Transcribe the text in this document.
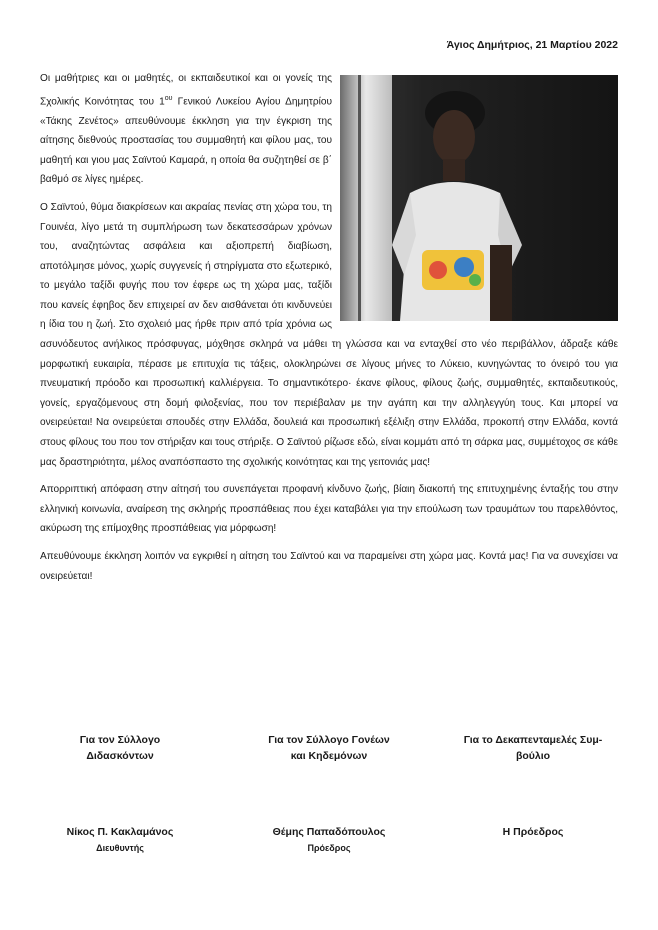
Άγιος Δημήτριος, 21 Μαρτίου 2022

Οι μαθήτριες και οι μαθητές, οι εκπαιδευτικοί και οι γονείς της Σχολικής Κοινότητας του $1^{o\upsilon}$ Γενικού Λυκείου Αγίου Δημητρίου «Τάκης Ζενέτος» απευθύνουμε έκκληση για την έγκριση της αίτησης διεθνούς προστασίας του συμμαθητή και φίλου μας, του μαθητή και γιου μας Σαϊντού Καμαρά, η οποία θα συζητηθεί σε β΄ βαθμό σε λίγες ημέρες.

Ο Σαϊντού, θύμα διακρίσεων και ακραίας πενίας στη χώρα του, τη Γουινέα, λίγο μετά τη συμπλήρωση των δεκατεσσάρων χρόνων του, αναζητώντας ασφάλεια και αξιοπρεπή διαβίωση, αποτόλμησε μόνος, χωρίς συγγενείς ή στηρίγματα στο εξωτερικό, το μεγάλο ταξίδι φυγής που τον έφερε ως τη χώρα μας, ταξίδι που κανείς έφηβος δεν επιχειρεί αν δεν αισθάνεται ότι κινδυνεύει η ίδια του η ζωή. Στο σχολειό μας ήρθε πριν από τρία χρόνια ως ασυνόδευτος ανήλικος πρόσφυγας, μόχθησε σκληρά να μάθει τη γλώσσα και να ενταχθεί στο νέο περιβάλλον, άδραξε κάθε μορφωτική ευκαιρία, πέρασε με επιτυχία τις τάξεις, ολοκληρώνει σε λίγους μήνες το Λύκειο, κυνηγώντας το όνειρό του για πνευματική πρόοδο και προσωπική καλλιέργεια. Το σημαντικότερο· έκανε φίλους, φίλους ζωής, συμμαθητές, εκπαιδευτικούς, γονείς, εργαζόμενους στη δομή φιλοξενίας, που τον περιέβαλαν με την αγάπη και την αλληλεγγύη τους. Και μπορεί να ονειρεύεται! Να ονειρεύεται σπουδές στην Ελλάδα, δουλειά και προσωπική εξέλιξη στην Ελλάδα, προκοπή στην Ελλάδα, κοντά στους φίλους του που τον στήριξαν και τους στήριξε. Ο Σαϊντού ρίζωσε εδώ, είναι κομμάτι από τη σάρκα μας, συμμέτοχος σε κάθε μας δραστηριότητα, μέλος αναπόσπαστο της σχολικής κοινότητας και της γειτονιάς μας!

Απορριπτική απόφαση στην αίτησή του συνεπάγεται προφανή κίνδυνο ζωής, βίαιη διακοπή της επιτυχημένης ένταξής του στην ελληνική κοινωνία, αναίρεση της σκληρής προσπάθειας που έχει καταβάλει για την επούλωση των τραυμάτων του παρελθόντος, ακύρωση της επίμοχθης προσπάθειας για μόρφωση!

Απευθύνουμε έκκληση λοιπόν να εγκριθεί η αίτηση του Σαϊντού και να παραμείνει στη χώρα μας. Κοντά μας! Για να συνεχίσει να ονειρεύεται!

Για τον Σύλλογο
Διδασκόντων
Νίκος Π. Κακλαμάνος
Διευθυντής
Για τον Σύλλογο Γονέων
και Κηδεμόνων
Θέμης Παπαδόπουλος
Πρόεδρος
Για το Δεκαπενταμελές Συμ-
βούλιο
Η Πρόεδρος
